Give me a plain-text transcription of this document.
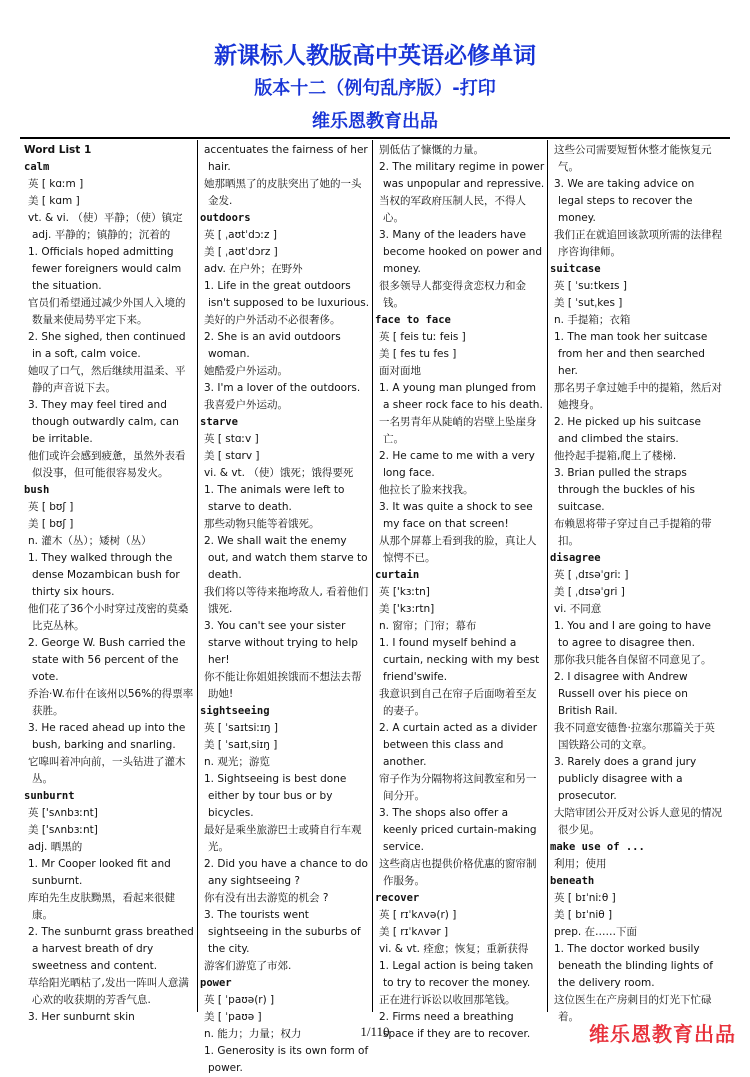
新课标人教版高中英语必修单词
版本十二（例句乱序版）-打印
维乐恩教育出品

Word List 1

calm

英 [ kɑːm ]

美 [ kɑm ]

vt. & vi. （使）平静；（使）镇定 adj. 平静的；镇静的；沉着的

1. Officials hoped admitting fewer foreigners would calm the situation.

官员们希望通过减少外国人入境的数量来使局势平定下来。

2. She sighed, then continued in a soft, calm voice.

她叹了口气，然后继续用温柔、平静的声音说下去。

3. They may feel tired and though outwardly calm, can be irritable.

他们或许会感到疲惫，虽然外表看似没事，但可能很容易发火。

bush

英 [ bʊʃ ]

美 [ bʊʃ ]

n. 灌木（丛）；矮树（丛）

1. They walked through the dense Mozambican bush for thirty six hours.

他们花了36个小时穿过茂密的莫桑比克丛林。

2. George W. Bush carried the state with 56 percent of the vote.

乔治·W.布什在该州以56%的得票率获胜。

3. He raced ahead up into the bush, barking and snarling.

它嗥叫着冲向前，一头钻进了灌木丛。

sunburnt

英 ['sʌnbɜːnt]

美 ['sʌnbɜːnt]

adj. 晒黑的

1. Mr Cooper looked fit and sunburnt.

库珀先生皮肤黝黑，看起来很健康。

2. The sunburnt grass breathed a harvest breath of dry sweetness and content.

草给阳光晒枯了,发出一阵叫人意满心欢的收获期的芳香气息.

3. Her sunburnt skin

accentuates the fairness of her hair.

她那晒黑了的皮肤突出了她的一头金发.

outdoors

英 [ ˌaʊtˈdɔːz ]

美 [ ˌaʊtˈdɔrz ]

adv. 在户外；在野外

1. Life in the great outdoors isn't supposed to be luxurious.

美好的户外活动不必很奢侈。

2. She is an avid outdoors woman.

她酷爱户外运动。

3. I'm a lover of the outdoors.

我喜爱户外运动。

starve

英 [ stɑːv ]

美 [ stɑrv ]

vi. & vt. （使）饿死；饿得要死

1. The animals were left to starve to death.

那些动物只能等着饿死。

2. We shall wait the enemy out, and watch them starve to death.

我们将以等待来拖垮敌人, 看着他们饿死.

3. You can't see your sister starve without trying to help her!

你不能让你姐姐挨饿而不想法去帮助她!

sightseeing

英 [ ˈsaɪtsiːɪŋ ]

美 [ ˈsaɪtˌsiɪŋ ]

n. 观光；游览

1. Sightseeing is best done either by tour bus or by bicycles.

最好是乘坐旅游巴士或骑自行车观光。

2. Did you have a chance to do any sightseeing ?

你有没有出去游览的机会 ?

3. The tourists went sightseeing in the suburbs of the city.

游客们游览了市郊.

power

英 [ ˈpaʊə(r) ]

美 [ ˈpaʊə ]

n. 能力；力量；权力

1. Generosity is its own form of power.

别低估了慷慨的力量。

2. The military regime in power was unpopular and repressive.

当权的军政府压制人民，不得人心。

3. Many of the leaders have become hooked on power and money.

很多领导人都变得贪恋权力和金钱。

face to face

英 [ feis tuː feis ]

美 [ fes tu fes ]

面对面地

1. A young man plunged from a sheer rock face to his death.

一名男青年从陡峭的岩壁上坠崖身亡。

2. He came to me with a very long face.

他拉长了脸来找我。

3. It was quite a shock to see my face on that screen!

从那个屏幕上看到我的脸，真让人惊愕不已。

curtain

英 ['kɜːtn]

美 ['kɜ:rtn]

n. 窗帘；门帘；幕布

1. I found myself behind a curtain, necking with my best friend'swife.

我意识到自己在帘子后面吻着至友的妻子。

2. A curtain acted as a divider between this class and another.

帘子作为分隔物将这间教室和另一间分开。

3. The shops also offer a keenly priced curtain-making service.

这些商店也提供价格优惠的窗帘制作服务。

recover

英 [ rɪˈkʌvə(r) ]

美 [ rɪˈkʌvər ]

vi. & vt. 痊愈；恢复；重新获得

1. Legal action is being taken to try to recover the money.

正在进行诉讼以收回那笔钱。

2. Firms need a breathing space if they are to recover.

这些公司需要短暂休整才能恢复元气。

3. We are taking advice on legal steps to recover the money.

我们正在就追回该款项所需的法律程序咨询律师。

suitcase

英 [ ˈsuːtkeɪs ]

美 [ ˈsutˌkes ]

n. 手提箱；衣箱

1. The man took her suitcase from her and then searched her.

那名男子拿过她手中的提箱，然后对她搜身。

2. He picked up his suitcase and climbed the stairs.

他拎起手提箱,爬上了楼梯.

3. Brian pulled the straps through the buckles of his suitcase.

布赖恩将带子穿过自己手提箱的带扣。

disagree

英 [ ˌdɪsəˈgriː ]

美 [ ˌdɪsəˈgri ]

vi. 不同意

1. You and I are going to have to agree to disagree then.

那你我只能各自保留不同意见了。

2. I disagree with Andrew Russell over his piece on British Rail.

我不同意安德鲁·拉塞尔那篇关于英国铁路公司的文章。

3. Rarely does a grand jury publicly disagree with a prosecutor.

大陪审团公开反对公诉人意见的情况很少见。

make use of ...

利用；使用

beneath

英 [ bɪˈniːθ ]

美 [ bɪˈniθ ]

prep. 在……下面

1. The doctor worked busily beneath the blinding lights of the delivery room.

这位医生在产房刺目的灯光下忙碌着。

1/110	维乐恩教育出品
